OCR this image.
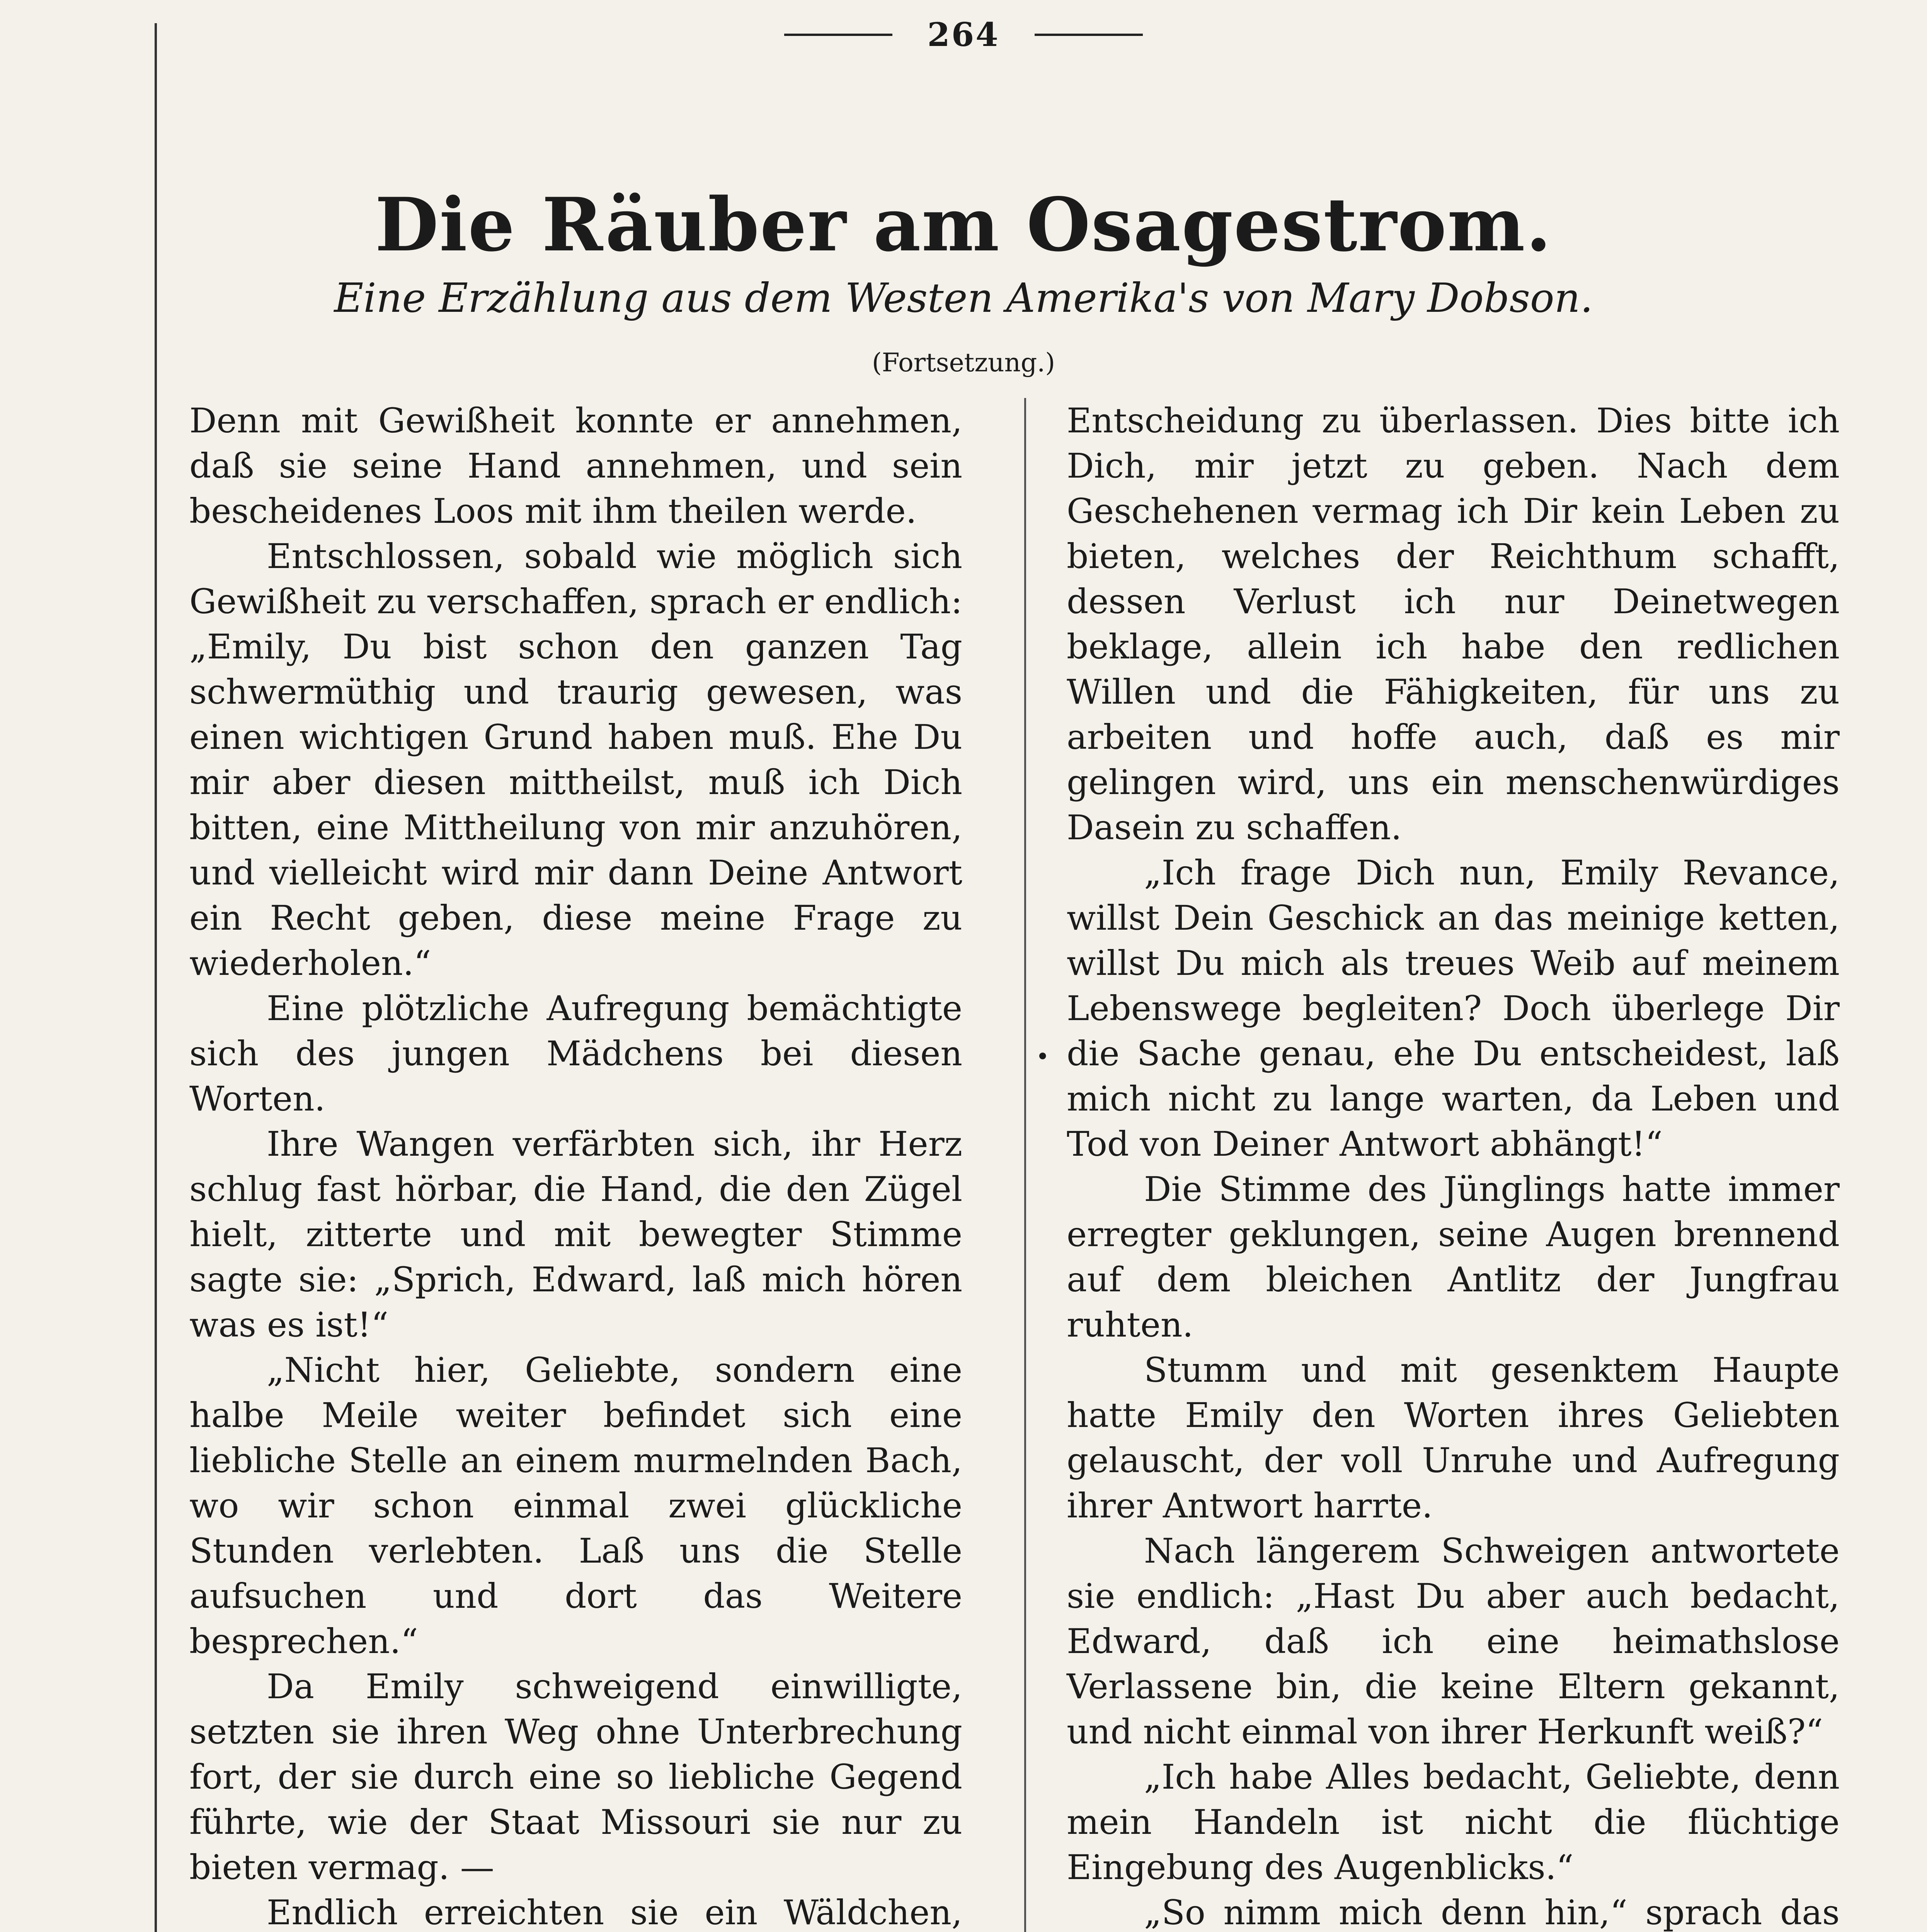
264
Die Räuber am Osagestrom.

Eine Erzählung aus dem Westen Amerika's von Mary Dobson.

(Fortsetzung.)

Denn mit Gewißheit konnte er annehmen, daß sie seine Hand annehmen, und sein bescheidenes Loos mit ihm theilen werde.

Entschlossen, sobald wie möglich sich Gewißheit zu verschaffen, sprach er endlich: „Emily, Du bist schon den ganzen Tag schwermüthig und traurig gewesen, was einen wichtigen Grund haben muß. Ehe Du mir aber diesen mittheilst, muß ich Dich bitten, eine Mittheilung von mir anzuhören, und vielleicht wird mir dann Deine Antwort ein Recht geben, diese meine Frage zu wiederholen.“

Eine plötzliche Aufregung bemächtigte sich des jungen Mädchens bei diesen Worten.

Ihre Wangen verfärbten sich, ihr Herz schlug fast hörbar, die Hand, die den Zügel hielt, zitterte und mit bewegter Stimme sagte sie: „Sprich, Edward, laß mich hören was es ist!“

„Nicht hier, Geliebte, sondern eine halbe Meile weiter befindet sich eine liebliche Stelle an einem murmelnden Bach, wo wir schon einmal zwei glückliche Stunden verlebten. Laß uns die Stelle aufsuchen und dort das Weitere besprechen.“

Da Emily schweigend einwilligte, setzten sie ihren Weg ohne Unterbrechung fort, der sie durch eine so liebliche Gegend führte, wie der Staat Missouri sie nur zu bieten vermag. —

Endlich erreichten sie ein Wäldchen,

•

Entscheidung zu überlassen. Dies bitte ich Dich, mir jetzt zu geben. Nach dem Geschehenen vermag ich Dir kein Leben zu bieten, welches der Reichthum schafft, dessen Verlust ich nur Deinetwegen beklage, allein ich habe den redlichen Willen und die Fähigkeiten, für uns zu arbeiten und hoffe auch, daß es mir gelingen wird, uns ein menschenwürdiges Dasein zu schaffen.

„Ich frage Dich nun, Emily Revance, willst Dein Geschick an das meinige ketten, willst Du mich als treues Weib auf meinem Lebenswege begleiten? Doch überlege Dir die Sache genau, ehe Du entscheidest, laß mich nicht zu lange warten, da Leben und Tod von Deiner Antwort abhängt!“

Die Stimme des Jünglings hatte immer erregter geklungen, seine Augen brennend auf dem bleichen Antlitz der Jungfrau ruhten.

Stumm und mit gesenktem Haupte hatte Emily den Worten ihres Geliebten gelauscht, der voll Unruhe und Aufregung ihrer Antwort harrte.

Nach längerem Schweigen antwortete sie endlich: „Hast Du aber auch bedacht, Edward, daß ich eine heimathslose Verlassene bin, die keine Eltern gekannt, und nicht einmal von ihrer Herkunft weiß?“

„Ich habe Alles bedacht, Geliebte, denn mein Handeln ist nicht die flüchtige Eingebung des Augenblicks.“

„So nimm mich denn hin,“ sprach das
